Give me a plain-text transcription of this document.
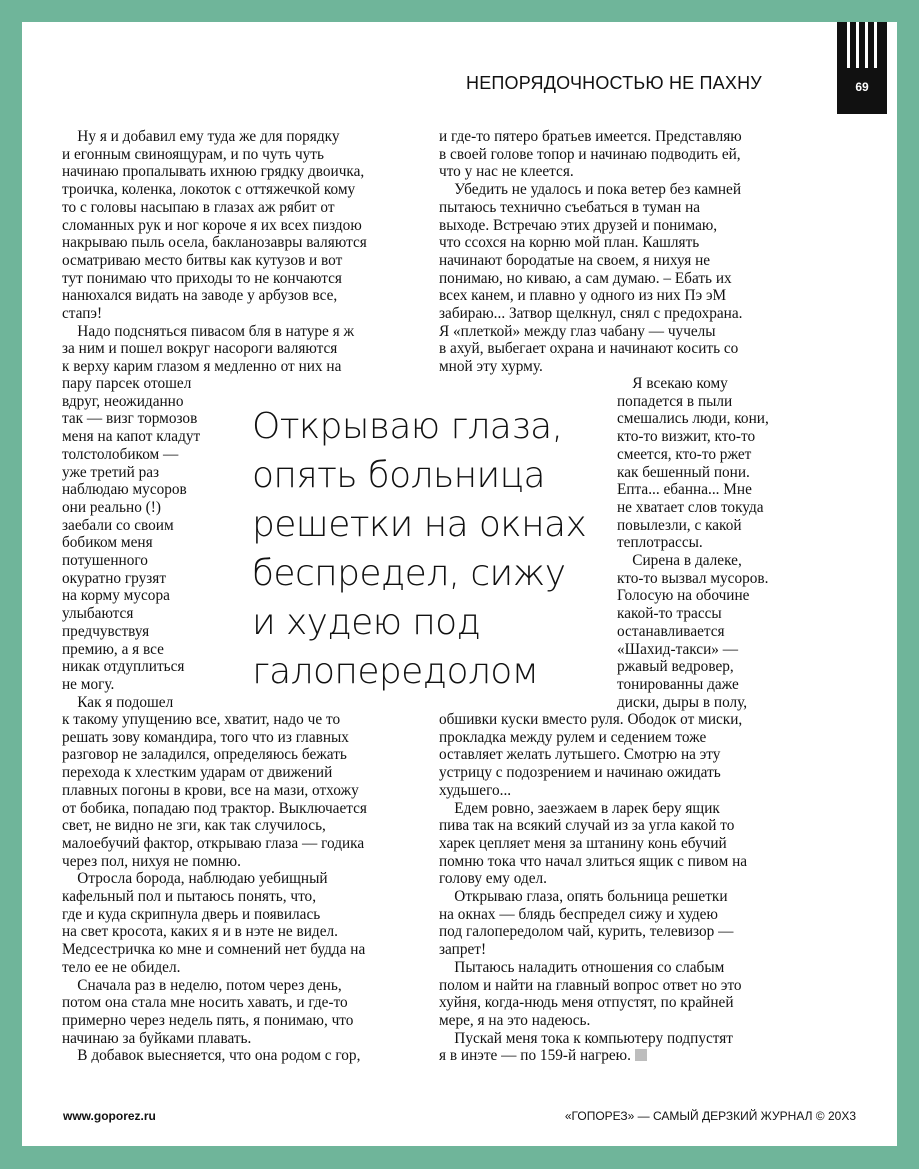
69
НЕПОРЯДОЧНОСТЬЮ НЕ ПАХНУ
 Ну я и добавил ему туда же для порядку
и егонным свиноящурам, и по чуть чуть
начинаю пропалывать ихнюю грядку двоичка,
троичка, коленка, локоток с оттяжечкой кому
то с головы насыпаю в глазах аж рябит от
сломанных рук и ног короче я их всех пиздою
накрываю пыль осела, бакланозавры валяются
осматриваю место битвы как кутузов и вот
тут понимаю что приходы то не кончаются
нанюхался видать на заводе у арбузов все,
стапэ!
 Надо подсняться пивасом бля в натуре я ж
за ним и пошел вокруг насороги валяются
к верху карим глазом я медленно от них на
пару парсек отошел
вдруг, неожиданно
так — визг тормозов
меня на капот кладут
толстолобиком —
уже третий раз
наблюдаю мусоров
они реально (!)
заебали со своим
бобиком меня
потушенного
окуратно грузят
на корму мусора
улыбаются
предчувствуя
премию, а я все
никак отдуплиться
не могу.
 Как я подошел
к такому упущению все, хватит, надо че то
решать зову командира, того что из главных
разговор не заладился, определяюсь бежать
перехода к хлестким ударам от движений
плавных погоны в крови, все на мази, отхожу
от бобика, попадаю под трактор. Выключается
свет, не видно не зги, как так случилось,
малоебучий фактор, открываю глаза — годика
через пол, нихуя не помню.
 Отросла борода, наблюдаю уебищный
кафельный пол и пытаюсь понять, что,
где и куда скрипнула дверь и появилась
на свет кросота, каких я и в нэте не видел.
Медсестричка ко мне и сомнений нет будда на
тело ее не обидел.
 Сначала раз в неделю, потом через день,
потом она стала мне носить хавать, и где-то
примерно через недель пять, я понимаю, что
начинаю за буйками плавать.
 В добавок выесняется, что она родом с гор,
и где-то пятеро братьев имеется. Представляю
в своей голове топор и начинаю подводить ей,
что у нас не клеется.
 Убедить не удалось и пока ветер без камней
пытаюсь технично съебаться в туман на
выходе. Встречаю этих друзей и понимаю,
что ссохся на корню мой план. Кашлять
начинают бородатые на своем, я нихуя не
понимаю, но киваю, а сам думаю. – Ебать их
всех канем, и плавно у одного из них Пэ эМ
забираю... Затвор щелкнул, снял с предохрана.
Я «плеткой» между глаз чабану — чучелы
в ахуй, выбегает охрана и начинают косить со
мной эту хурму.
 Я всекаю кому
попадется в пыли
смешались люди, кони,
кто-то визжит, кто-то
смеется, кто-то ржет
как бешенный пони.
Епта... ебанна... Мне
не хватает слов токуда
повылезли, с какой
теплотрассы.
 Сирена в далеке,
кто-то вызвал мусоров.
Голосую на обочине
какой-то трассы
останавливается
«Шахид-такси» —
ржавый ведровер,
тонированны даже
диски, дыры в полу,
обшивки куски вместо руля. Ободок от миски,
прокладка между рулем и седением тоже
оставляет желать лутьшего. Смотрю на эту
устрицу с подозрением и начинаю ожидать
худьшего...
 Едем ровно, заезжаем в ларек беру ящик
пива так на всякий случай из за угла какой то
харек цепляет меня за штанину конь ебучий
помню тока что начал злиться ящик с пивом на
голову ему одел.
 Открываю глаза, опять больница решетки
на окнах — блядь беспредел сижу и худею
под галопередолом чай, курить, телевизор —
запрет!
 Пытаюсь наладить отношения со слабым
полом и найти на главный вопрос ответ но это
хуйня, когда-нюдь меня отпустят, по крайней
мере, я на это надеюсь.
 Пускай меня тока к компьютеру подпустят
я в инэте — по 159-й нагрею.
Открываю глаза,
опять больница
решетки на окнах
беспредел, сижу
и худею под
галопередолом
www.goporez.ru	«ГОПОРЕЗ» — САМЫЙ ДЕРЗКИЙ ЖУРНАЛ © 20Х3
